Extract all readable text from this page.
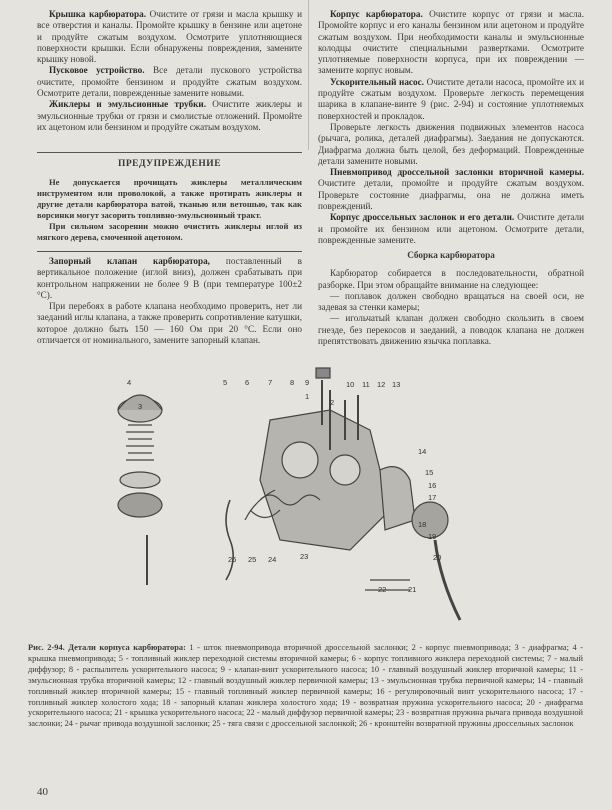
Крышка карбюратора. Очистите от грязи и масла крышку и все отверстия и каналы. Промойте крышку в бензине или ацетоне и продуйте сжатым воздухом. Осмотрите уплотняющиеся поверхности крышки. Если обнаружены повреждения, замените крышку новой.

Пусковое устройство. Все детали пускового устройства очистите, промойте бензином и продуйте сжатым воздухом. Осмотрите детали, поврежденные замените новыми.

Жиклеры и эмульсионные трубки. Очистите жиклеры и эмульсионные трубки от грязи и смолистые отложений. Промойте их ацетоном или бензином и продуйте сжатым воздухом.

ПРЕДУПРЕЖДЕНИЕ

Не допускается прочищать жиклеры металлическим инструментом или проволокой, а также протирать жиклеры и другие детали карбюратора ватой, тканью или ветошью, так как ворсинки могут засорить топливно-эмульсионный тракт.

При сильном засорении можно очистить жиклеры иглой из мягкого дерева, смоченной ацетоном.

Запорный клапан карбюратора, поставленный в вертикальное положение (иглой вниз), должен срабатывать при контрольном напряжении не более 9 В (при температуре 100±2 °С).

При перебоях в работе клапана необходимо проверить, нет ли заеданий иглы клапана, а также проверить сопротивление катушки, которое должно быть 150 — 160 Ом при 20 °С. Если оно отличается от номинального, замените запорный клапан.

Корпус карбюратора. Очистите корпус от грязи и масла. Промойте корпус и его каналы бензином или ацетоном и продуйте сжатым воздухом. При необходимости каналы и эмульсионные колодцы очистите специальными развертками. Осмотрите уплотняемые поверхности корпуса, при их повреждении — замените корпус новым.

Ускорительный насос. Очистите детали насоса, промойте их и продуйте сжатым воздухом. Проверьте легкость перемещения шарика в клапане-винте 9 (рис. 2-94) и состояние уплотняемых поверхностей и прокладок.

Проверьте легкость движения подвижных элементов насоса (рычага, ролика, деталей диафрагмы). Заедания не допускаются. Диафрагма должна быть целой, без деформаций. Поврежденные детали замените новыми.

Пневмопривод дроссельной заслонки вторичной камеры. Очистите детали, промойте и продуйте сжатым воздухом. Проверьте состояние диафрагмы, она не должна иметь повреждений.

Корпус дроссельных заслонок и его детали. Очистите детали и промойте их бензином или ацетоном. Осмотрите детали, поврежденные замените.

Сборка карбюратора

Карбюратор собирается в последовательности, обратной разборке. При этом обращайте внимание на следующее:

— поплавок должен свободно вращаться на своей оси, не задевая за стенки камеры;

— игольчатый клапан должен свободно скользить в своем гнезде, без перекосов и заеданий, а поводок клапана не должен препятствовать движению язычка поплавка.

Рис. 2-94. Детали корпуса карбюратора: 1 - шток пневмопривода вторичной дроссельной заслонки; 2 - корпус пневмопривода; 3 - диафрагма; 4 - крышка пневмопривода; 5 - топливный жиклер переходной системы вторичной камеры; 6 - корпус топливного жиклера переходной системы; 7 - малый диффузор; 8 - распылитель ускорительного насоса; 9 - клапан-винт ускорительного насоса; 10 - главный воздушный жиклер вторичной камеры; 11 - эмульсионная трубка вторичной камеры; 12 - главный воздушный жиклер первичной камеры; 13 - эмульсионная трубка первичной камеры; 14 - главный топливный жиклер вторичной камеры; 15 - главный топливный жиклер первичной камеры; 16 - регулировочный винт ускорительного насоса; 17 - топливный жиклер холостого хода; 18 - запорный клапан жиклера холостого хода; 19 - возвратная пружина ускорительного насоса; 20 - диафрагма ускорительного насоса; 21 - крышка ускорительного насоса; 22 - малый диффузор первичной камеры; 23 - возвратная пружина рычага привода воздушной заслонки; 24 - рычаг привода воздушной заслонки; 25 - тяга связи с дроссельной заслонкой; 26 - кронштейн возвратной пружины дроссельных заслонок
40
1
2
3
4	5 6	7 8 9	10 11 12 13
14
15
16
17
18
19
20
21
22
23
24
25
26
